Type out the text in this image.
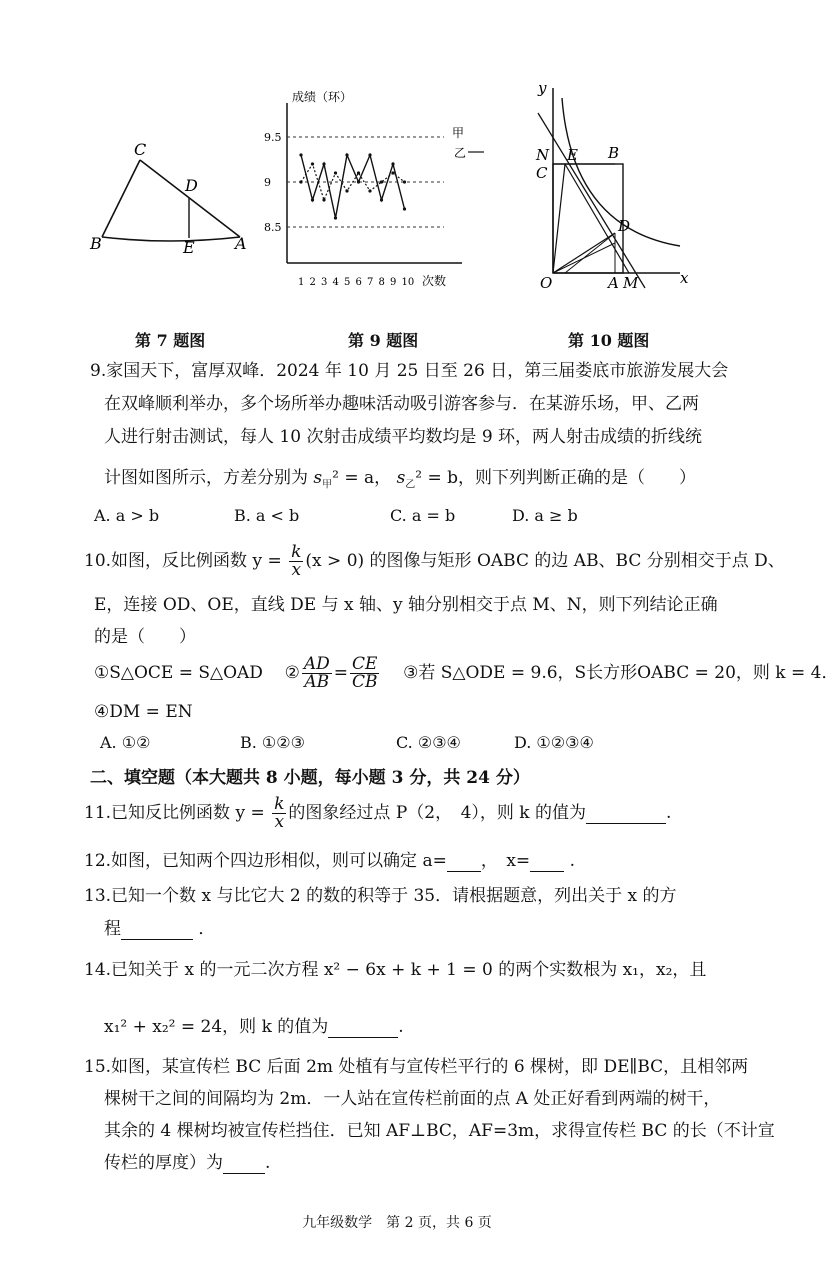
C
D
B	E	A
第 7 题图
成绩（环）
次数
甲
乙
9.5
9
8.5
1 2 3 4 5 6 7 8 9 10
第 9 题图
y
x
N
C
E B
D
O	A M
第 10 题图
9.家国天下，富厚双峰．2024 年 10 月 25 日至 26 日，第三届娄底市旅游发展大会
在双峰顺利举办，多个场所举办趣味活动吸引游客参与．在某游乐场，甲、乙两
人进行射击测试，每人 10 次射击成绩平均数均是 9 环，两人射击成绩的折线统
计图如图所示，方差分别为 $s_甲^2 = a$， $s_乙^2 = b$，则下列判断正确的是（　　）
A. a > b	B. a < b	C. a = b	D. a ≥ b
10.如图，反比例函数 $y = \frac{k}{x} (x > 0)$ 的图像与矩形 OABC 的边 AB、BC 分别相交于点 D、
E，连接 OD、OE，直线 DE 与 x 轴、y 轴分别相交于点 M、N，则下列结论正确
的是（　　）
①S△OCE = S△OAD ② $\frac{AD}{AB} = \frac{CE}{CB}$ ③若 S△ODE = 9.6，S长方形OABC = 20，则 k = 4．
④DM = EN
A. ①②	B. ①②③	C. ②③④	D. ①②③④
二、填空题（本大题共 8 小题，每小题 3 分，共 24 分）
11.已知反比例函数 $y = \frac{k}{x}$ 的图象经过点 P（2，　4），则 k 的值为	.
12.如图，已知两个四边形相似，则可以确定 a= ，　x= .
13.已知一个数 x 与比它大 2 的数的积等于 35．请根据题意，列出关于 x 的方
程	．
14.已知关于 x 的一元二次方程 x² − 6x + k + 1 = 0 的两个实数根为 x₁，x₂，且
x₁² + x₂² = 24，则 k 的值为	.
15.如图，某宣传栏 BC 后面 2m 处植有与宣传栏平行的 6 棵树，即 DE∥BC，且相邻两
棵树干之间的间隔均为 2m．一人站在宣传栏前面的点 A 处正好看到两端的树干，
其余的 4 棵树均被宣传栏挡住．已知 AF⊥BC，AF=3m，求得宣传栏 BC 的长（不计宣
传栏的厚度）为 .
九年级数学　第 2 页，共 6 页
